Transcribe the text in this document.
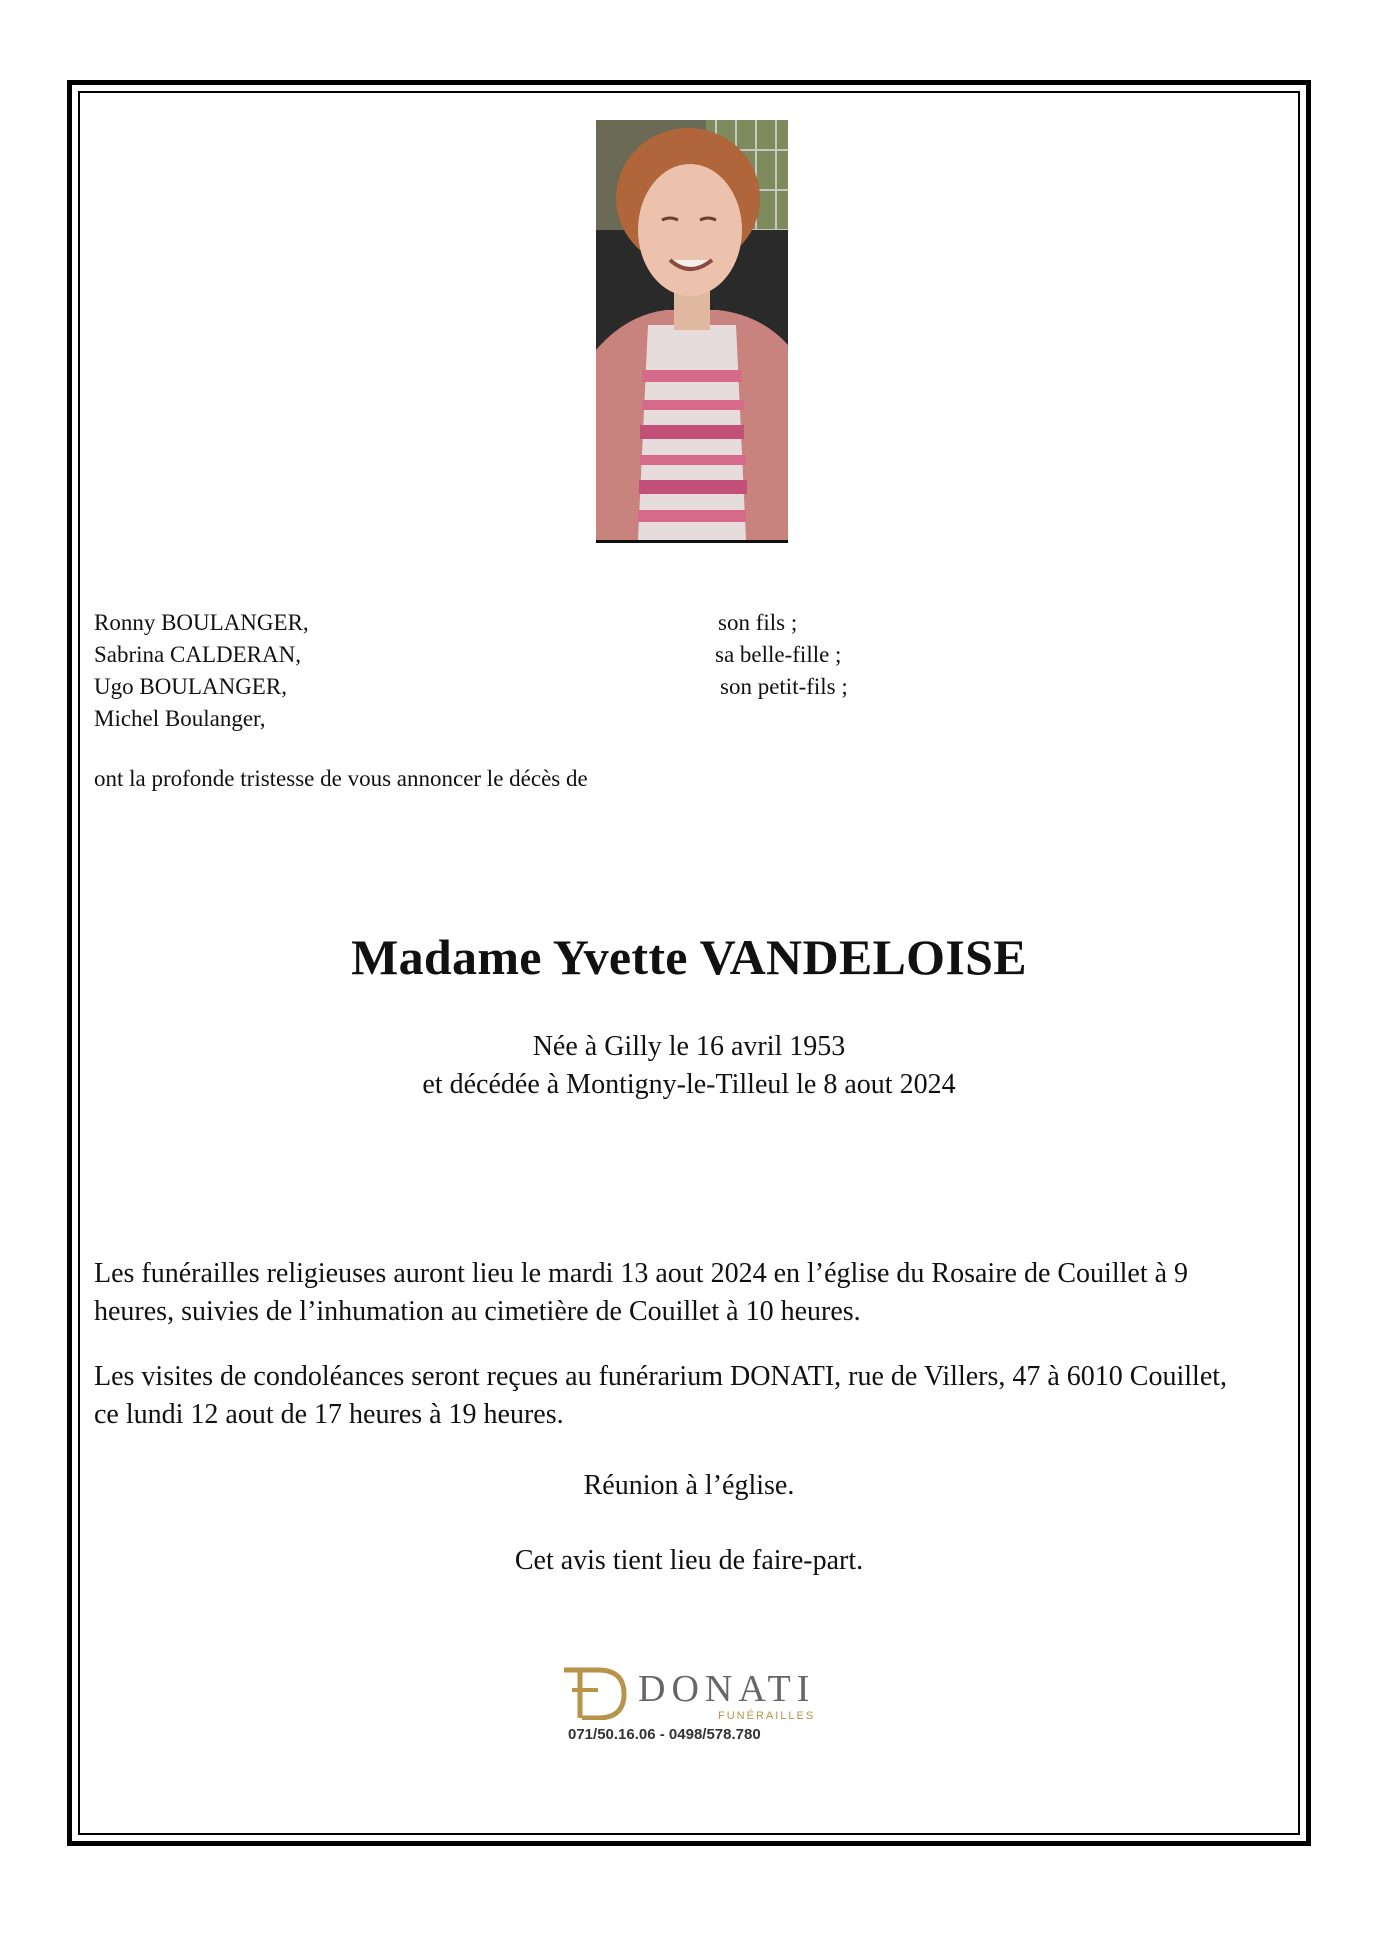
Ronny BOULANGER,	son fils ;
Sabrina CALDERAN,	sa belle-fille ;
Ugo BOULANGER,	son petit-fils ;
Michel Boulanger,
ont la profonde tristesse de vous annoncer le décès de
Madame Yvette VANDELOISE
Née à Gilly le 16 avril 1953
et décédée à Montigny-le-Tilleul le 8 aout 2024
Les funérailles religieuses auront lieu le mardi 13 aout 2024 en l’église du Rosaire de Couillet à 9 heures, suivies de l’inhumation au cimetière de Couillet à 10 heures.
Les visites de condoléances seront reçues au funérarium DONATI, rue de Villers, 47 à 6010 Couillet, ce lundi 12 aout de 17 heures à 19 heures.
Réunion à l’église.
Cet avis tient lieu de faire-part.
DONATI
FUNÉRAILLES
071/50.16.06 - 0498/578.780
